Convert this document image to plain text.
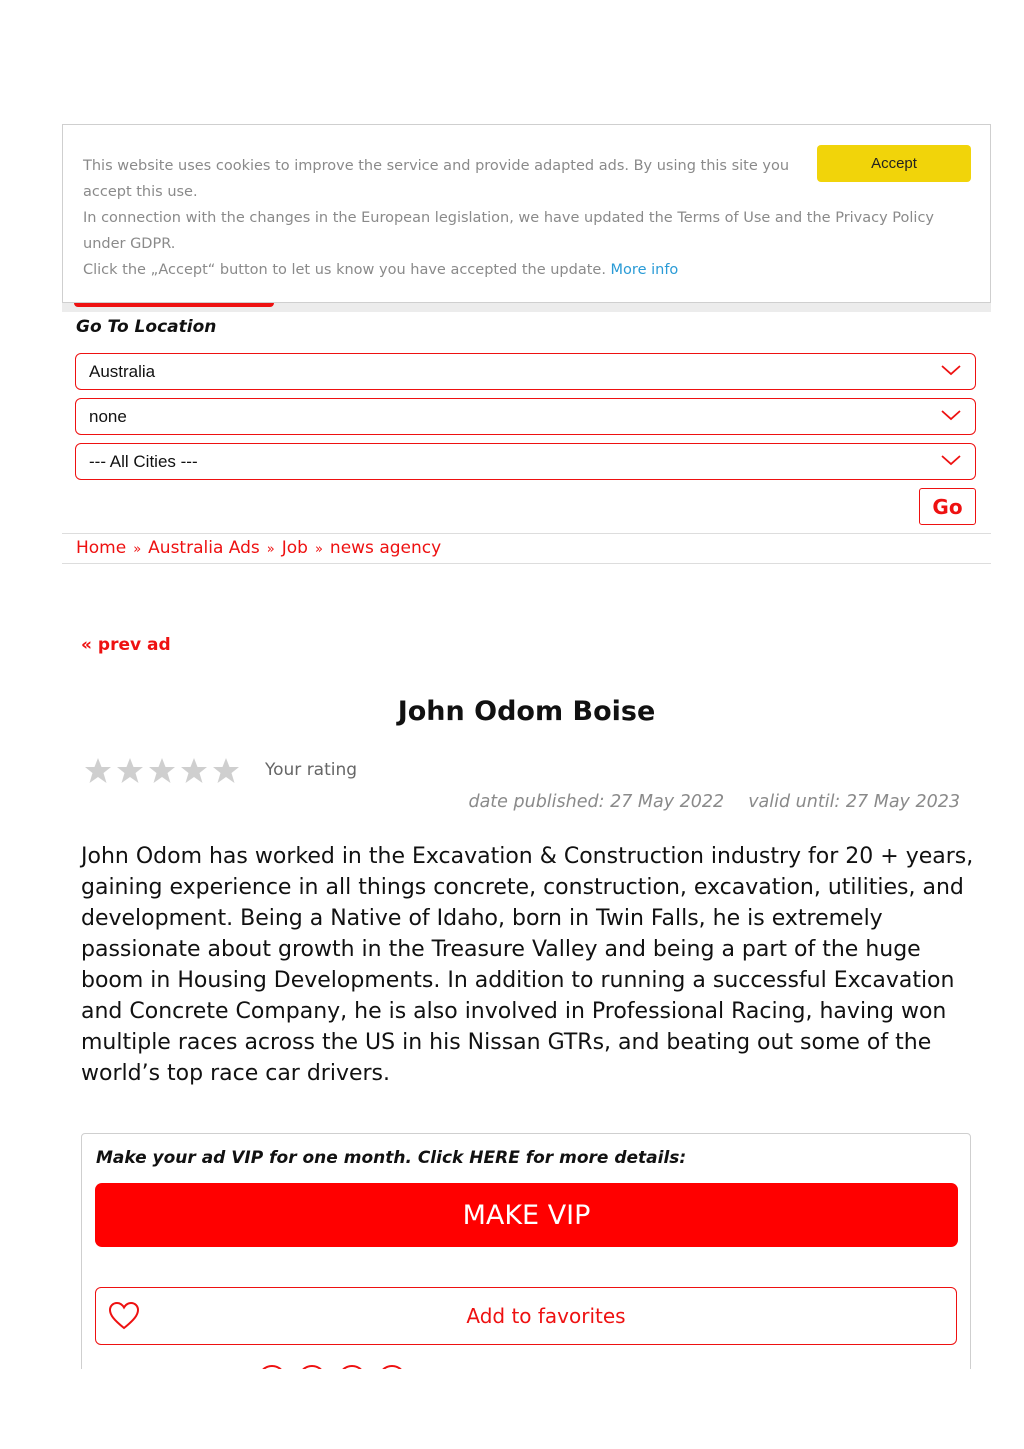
This website uses cookies to improve the service and provide adapted ads. By using this site you accept this use.

Accept

In connection with the changes in the European legislation, we have updated the Terms of Use and the Privacy Policy under GDPR.

Click the „Accept“ button to let us know you have accepted the update. More info

Go To Location
Australia
none
--- All Cities ---
Go
Home » Australia Ads » Job » news agency
« prev ad
John Odom Boise
Your rating
date published: 27 May 2022 valid until: 27 May 2023

John Odom has worked in the Excavation & Construction industry for 20 + years, gaining experience in all things concrete, construction, excavation, utilities, and development. Being a Native of Idaho, born in Twin Falls, he is extremely passionate about growth in the Treasure Valley and being a part of the huge boom in Housing Developments. In addition to running a successful Excavation and Concrete Company, he is also involved in Professional Racing, having won multiple races across the US in his Nissan GTRs, and beating out some of the world’s top race car drivers.

Make your ad VIP for one month. Click HERE for more details:
MAKE VIP
Add to favorites
